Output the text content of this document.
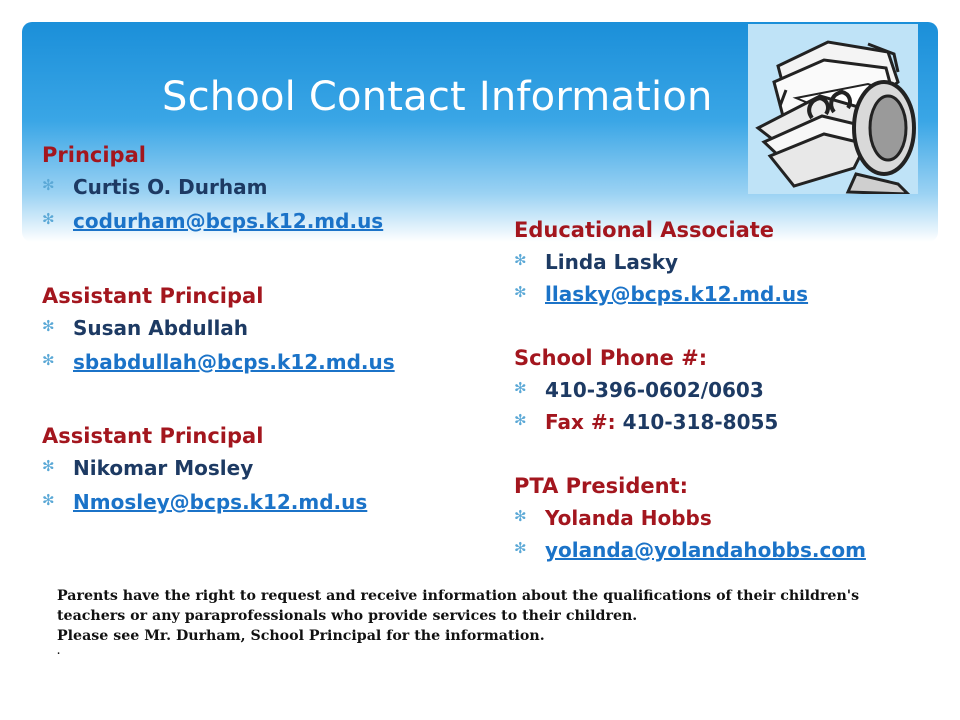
School Contact Information
Principal
✻ Curtis O. Durham
✻ codurham@bcps.k12.md.us
Assistant Principal
✻ Susan Abdullah
✻ sbabdullah@bcps.k12.md.us
Assistant Principal
✻ Nikomar Mosley
✻ Nmosley@bcps.k12.md.us
Educational Associate
✻ Linda Lasky
✻ llasky@bcps.k12.md.us
School Phone #:
✻ 410-396-0602/0603
✻ Fax #: 410-318-8055
PTA President:
✻ Yolanda Hobbs
✻ yolanda@yolandahobbs.com
Parents have the right to request and receive information about the qualifications of their children's
teachers or any paraprofessionals who provide services to their children.
Please see Mr. Durham, School Principal for the information.
.
